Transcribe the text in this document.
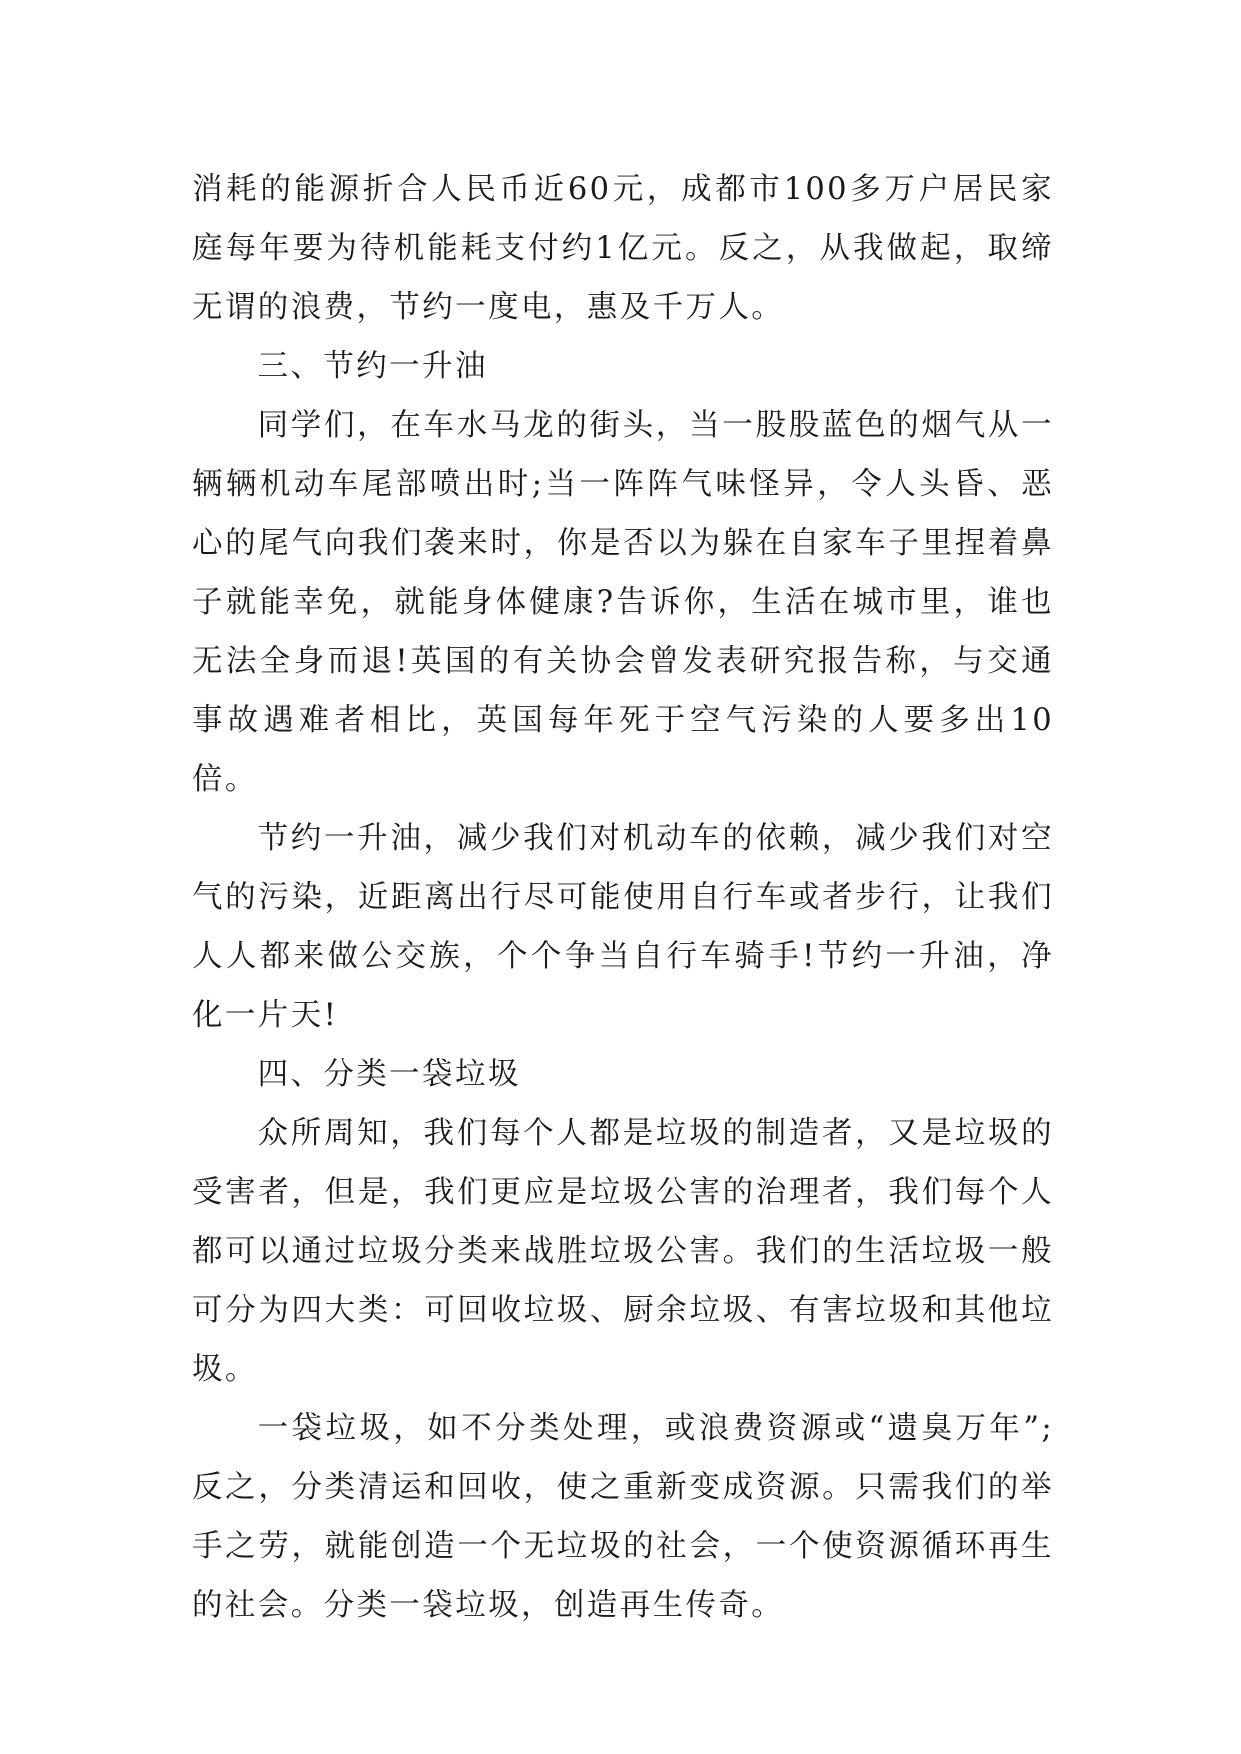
消耗的能源折合人民币近60元，成都市100多万户居民家庭每年要为待机能耗支付约1亿元。反之，从我做起，取缔无谓的浪费，节约一度电，惠及千万人。

三、节约一升油

同学们，在车水马龙的街头，当一股股蓝色的烟气从一辆辆机动车尾部喷出时;当一阵阵气味怪异，令人头昏、恶心的尾气向我们袭来时，你是否以为躲在自家车子里捏着鼻子就能幸免，就能身体健康?告诉你，生活在城市里，谁也无法全身而退!英国的有关协会曾发表研究报告称，与交通事故遇难者相比，英国每年死于空气污染的人要多出10倍。

节约一升油，减少我们对机动车的依赖，减少我们对空气的污染，近距离出行尽可能使用自行车或者步行，让我们人人都来做公交族，个个争当自行车骑手!节约一升油，净化一片天!

四、分类一袋垃圾

众所周知，我们每个人都是垃圾的制造者，又是垃圾的受害者，但是，我们更应是垃圾公害的治理者，我们每个人都可以通过垃圾分类来战胜垃圾公害。我们的生活垃圾一般可分为四大类：可回收垃圾、厨余垃圾、有害垃圾和其他垃圾。

一袋垃圾，如不分类处理，或浪费资源或“遗臭万年”;反之，分类清运和回收，使之重新变成资源。只需我们的举手之劳，就能创造一个无垃圾的社会，一个使资源循环再生的社会。分类一袋垃圾，创造再生传奇。
